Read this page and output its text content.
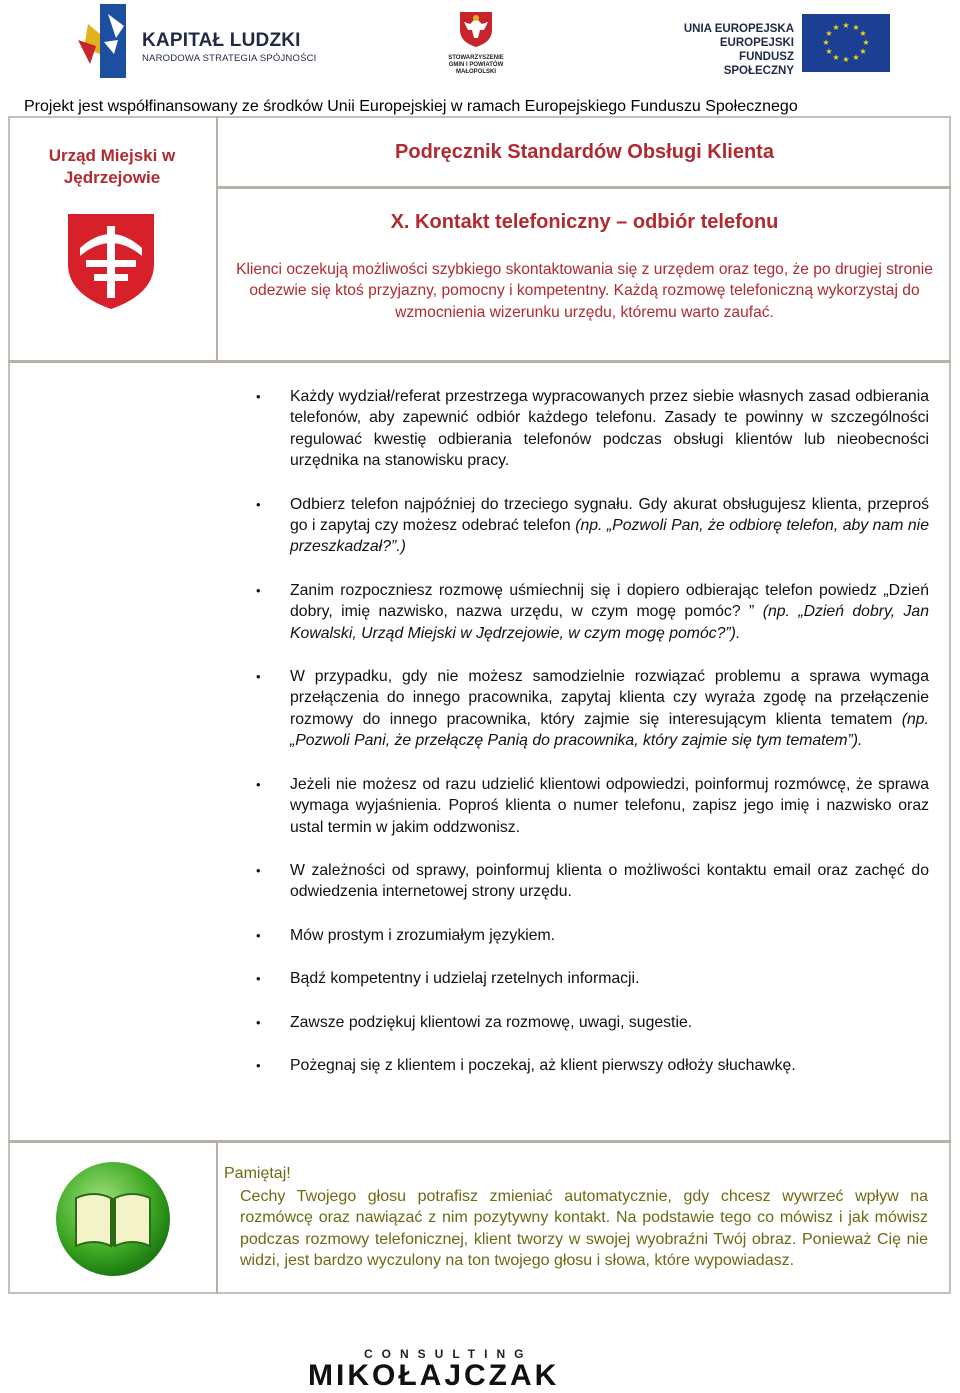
KAPITAŁ LUDZKI
NARODOWA STRATEGIA SPÓJNOŚCI	STOWARZYSZENIE
GMIN I POWIATÓW
MAŁOPOLSKI
UNIA EUROPEJSKA
EUROPEJSKI
FUNDUSZ SPOŁECZNY
★ ★
★
★
★
★
★
★
★
★
★
★
Projekt jest współfinansowany ze środków Unii Europejskiej w ramach Europejskiego Funduszu Społecznego
Urząd Miejski w Jędrzejowie
Podręcznik Standardów Obsługi Klienta
X. Kontakt telefoniczny – odbiór telefonu
Klienci oczekują możliwości szybkiego skontaktowania się z urzędem oraz tego, że po drugiej stronie odezwie się ktoś przyjazny, pomocny i kompetentny. Każdą rozmowę telefoniczną wykorzystaj do wzmocnienia wizerunku urzędu, któremu warto zaufać.
• Każdy wydział/referat przestrzega wypracowanych przez siebie własnych zasad odbierania telefonów, aby zapewnić odbiór każdego telefonu. Zasady te powinny w szczególności regulować kwestię odbierania telefonów podczas obsługi klientów lub nieobecności urzędnika na stanowisku pracy.
• Odbierz telefon najpóźniej do trzeciego sygnału. Gdy akurat obsługujesz klienta, przeproś go i zapytaj czy możesz odebrać telefon (np. „Pozwoli Pan, że odbiorę telefon, aby nam nie przeszkadzał?”.)
• Zanim rozpoczniesz rozmowę uśmiechnij się i dopiero odbierając telefon powiedz „Dzień dobry, imię nazwisko, nazwa urzędu, w czym mogę pomóc? ” (np. „Dzień dobry, Jan Kowalski, Urząd Miejski w Jędrzejowie, w czym mogę pomóc?”).
• W przypadku, gdy nie możesz samodzielnie rozwiązać problemu a sprawa wymaga przełączenia do innego pracownika, zapytaj klienta czy wyraża zgodę na przełączenie rozmowy do innego pracownika, który zajmie się interesującym klienta tematem (np. „Pozwoli Pani, że przełączę Panią do pracownika, który zajmie się tym tematem”).
• Jeżeli nie możesz od razu udzielić klientowi odpowiedzi, poinformuj rozmówcę, że sprawa wymaga wyjaśnienia. Poproś klienta o numer telefonu, zapisz jego imię i nazwisko oraz ustal termin w jakim oddzwonisz.
• W zależności od sprawy, poinformuj klienta o możliwości kontaktu email oraz zachęć do odwiedzenia internetowej strony urzędu.
• Mów prostym i zrozumiałym językiem.
• Bądź kompetentny i udzielaj rzetelnych informacji.
• Zawsze podziękuj klientowi za rozmowę, uwagi, sugestie.
• Pożegnaj się z klientem i poczekaj, aż klient pierwszy odłoży słuchawkę.
Pamiętaj!
Cechy Twojego głosu potrafisz zmieniać automatycznie, gdy chcesz wywrzeć wpływ na rozmówcę oraz nawiązać z nim pozytywny kontakt. Na podstawie tego co mówisz i jak mówisz podczas rozmowy telefonicznej, klient tworzy w swojej wyobraźni Twój obraz. Ponieważ Cię nie widzi, jest bardzo wyczulony na ton twojego głosu i słowa, które wypowiadasz.
CONSULTING
MIKOŁAJCZAK
